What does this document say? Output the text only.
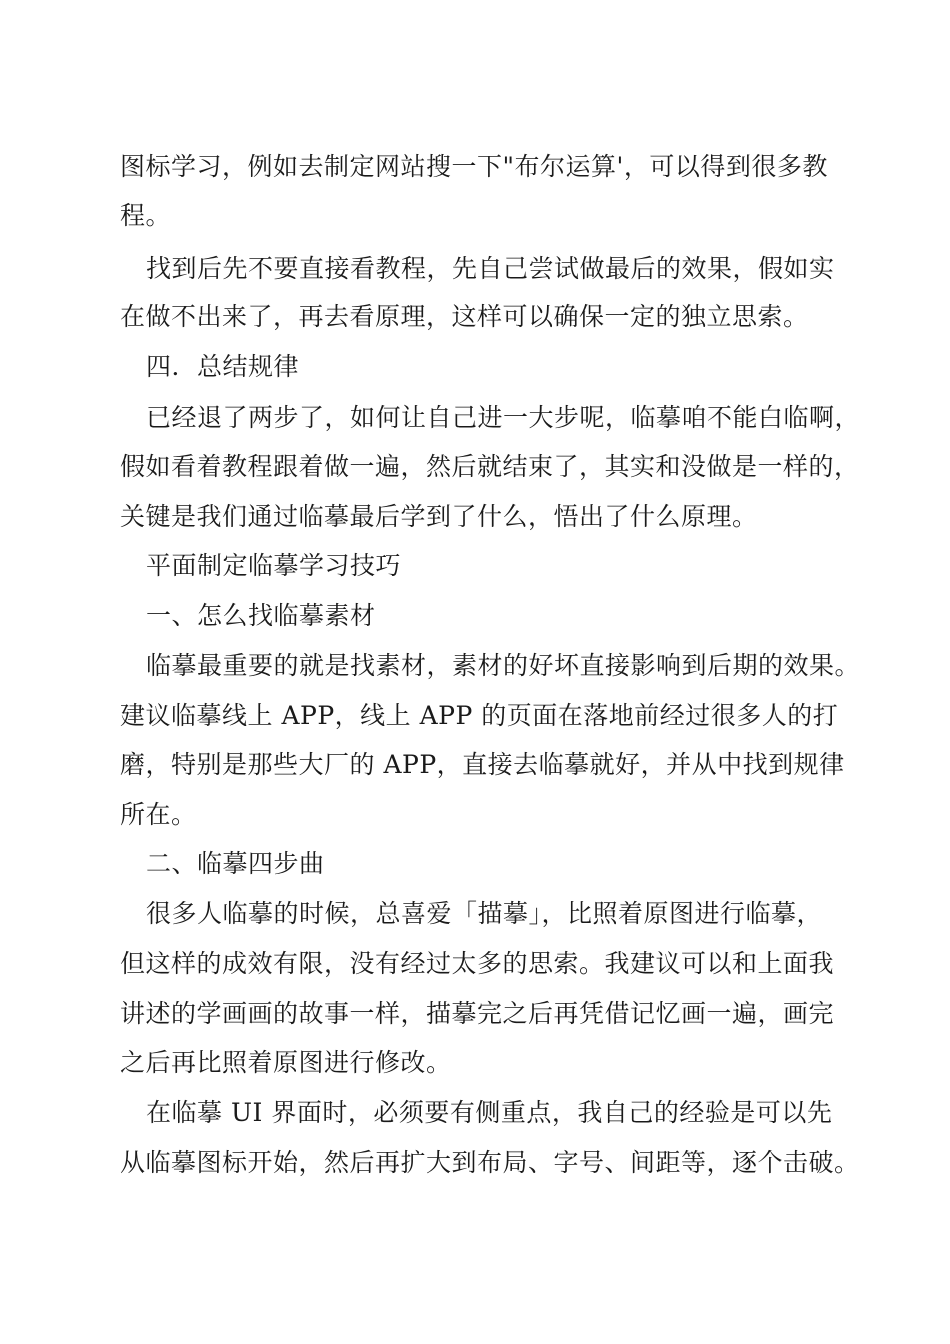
图标学习，例如去制定网站搜一下"布尔运算'，可以得到很多教
程。
找到后先不要直接看教程，先自己尝试做最后的效果，假如实
在做不出来了，再去看原理，这样可以确保一定的独立思索。
四．总结规律
已经退了两步了，如何让自己进一大步呢，临摹咱不能白临啊，
假如看着教程跟着做一遍，然后就结束了，其实和没做是一样的，
关键是我们通过临摹最后学到了什么，悟出了什么原理。
平面制定临摹学习技巧
一、怎么找临摹素材
临摹最重要的就是找素材，素材的好坏直接影响到后期的效果。
建议临摹线上 APP，线上 APP 的页面在落地前经过很多人的打
磨，特别是那些大厂的 APP，直接去临摹就好，并从中找到规律
所在。
二、临摹四步曲
很多人临摹的时候，总喜爱「描摹」，比照着原图进行临摹，
但这样的成效有限，没有经过太多的思索。我建议可以和上面我
讲述的学画画的故事一样，描摹完之后再凭借记忆画一遍，画完
之后再比照着原图进行修改。
在临摹 UI 界面时，必须要有侧重点，我自己的经验是可以先
从临摹图标开始，然后再扩大到布局、字号、间距等，逐个击破。
